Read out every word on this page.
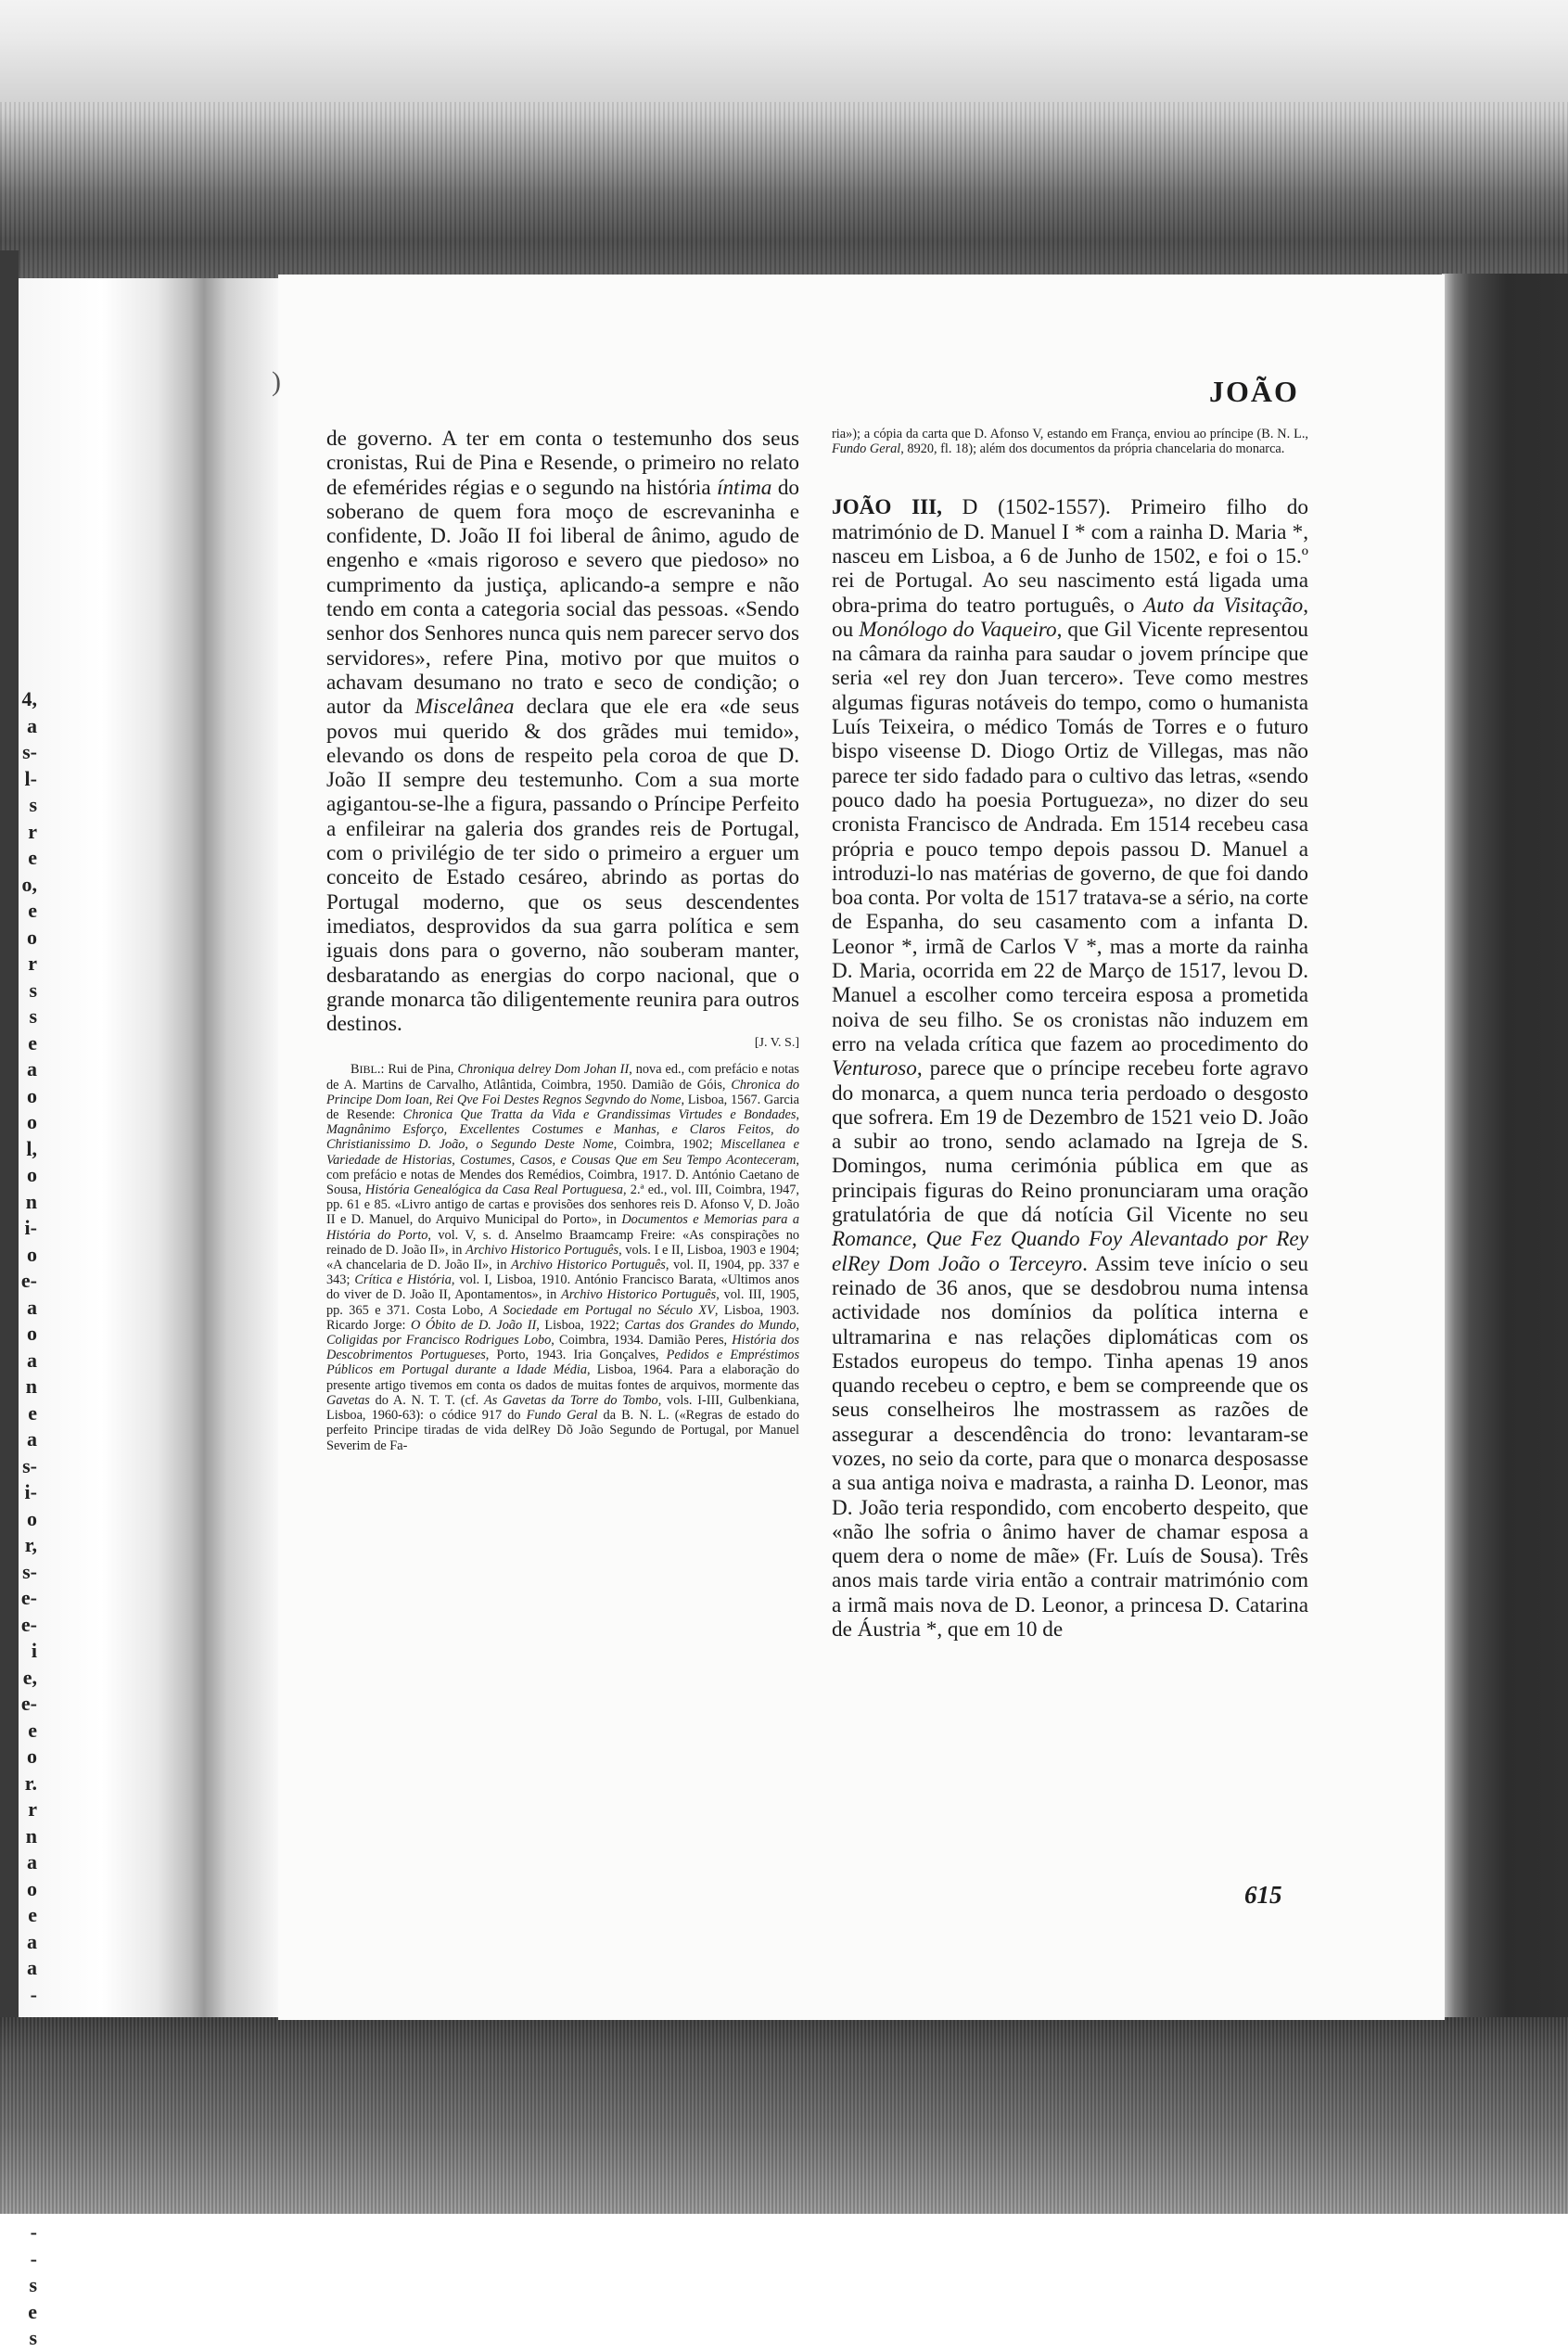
4,
a
s-
l-
s
r
e
o,
e
o
r
s
s
e
a
o
o
l,
o
n
i-
o
e-
a
o
a
n
e
a
s-
i-
o
r,
s-
e-
e-
i
e,
e-
e
o
r.
r
n
a
o
e
a
a
-

-
-
s
e
s
)	JOÃO

de governo. A ter em conta o testemunho dos seus cronistas, Rui de Pina e Resende, o primeiro no relato de efemérides régias e o segundo na história íntima do soberano de quem fora moço de escrevaninha e confidente, D. João II foi liberal de ânimo, agudo de engenho e «mais rigoroso e severo que piedoso» no cumprimento da justiça, aplicando-a sempre e não tendo em conta a categoria social das pessoas. «Sendo senhor dos Senhores nunca quis nem parecer servo dos servidores», refere Pina, motivo por que muitos o achavam desumano no trato e seco de condição; o autor da Miscelânea declara que ele era «de seus povos mui querido & dos grãdes mui temido», elevando os dons de respeito pela coroa de que D. João II sempre deu testemunho. Com a sua morte agigantou-se-lhe a figura, passando o Príncipe Perfeito a enfileirar na galeria dos grandes reis de Portugal, com o privilégio de ter sido o primeiro a erguer um conceito de Estado cesáreo, abrindo as portas do Portugal moderno, que os seus descendentes imediatos, desprovidos da sua garra política e sem iguais dons para o governo, não souberam manter, desbaratando as energias do corpo nacional, que o grande monarca tão diligentemente reunira para outros destinos.

[J. V. S.]

BIBL.: Rui de Pina, Chroniqua delrey Dom Johan II, nova ed., com prefácio e notas de A. Martins de Carvalho, Atlântida, Coimbra, 1950. Damião de Góis, Chronica do Principe Dom Ioan, Rei Qve Foi Destes Regnos Segvndo do Nome, Lisboa, 1567. Garcia de Resende: Chronica Que Tratta da Vida e Grandissimas Virtudes e Bondades, Magnânimo Esforço, Excellentes Costumes e Manhas, e Claros Feitos, do Christianissimo D. João, o Segundo Deste Nome, Coimbra, 1902; Miscellanea e Variedade de Historias, Costumes, Casos, e Cousas Que em Seu Tempo Aconteceram, com prefácio e notas de Mendes dos Remédios, Coimbra, 1917. D. António Caetano de Sousa, História Genealógica da Casa Real Portuguesa, 2.ª ed., vol. III, Coimbra, 1947, pp. 61 e 85. «Livro antigo de cartas e provisões dos senhores reis D. Afonso V, D. João II e D. Manuel, do Arquivo Municipal do Porto», in Documentos e Memorias para a História do Porto, vol. V, s. d. Anselmo Braamcamp Freire: «As conspirações no reinado de D. João II», in Archivo Historico Português, vols. I e II, Lisboa, 1903 e 1904; «A chancelaria de D. João II», in Archivo Historico Português, vol. II, 1904, pp. 337 e 343; Crítica e História, vol. I, Lisboa, 1910. António Francisco Barata, «Ultimos anos do viver de D. João II, Apontamentos», in Archivo Historico Português, vol. III, 1905, pp. 365 e 371. Costa Lobo, A Sociedade em Portugal no Século XV, Lisboa, 1903. Ricardo Jorge: O Óbito de D. João II, Lisboa, 1922; Cartas dos Grandes do Mundo, Coligidas por Francisco Rodrigues Lobo, Coimbra, 1934. Damião Peres, História dos Descobrimentos Portugueses, Porto, 1943. Iria Gonçalves, Pedidos e Empréstimos Públicos em Portugal durante a Idade Média, Lisboa, 1964. Para a elaboração do presente artigo tivemos em conta os dados de muitas fontes de arquivos, mormente das Gavetas do A. N. T. T. (cf. As Gavetas da Torre do Tombo, vols. I-III, Gulbenkiana, Lisboa, 1960-63): o códice 917 do Fundo Geral da B. N. L. («Regras de estado do perfeito Principe tiradas de vida delRey Dõ João Segundo de Portugal, por Manuel Severim de Fa-

ria»); a cópia da carta que D. Afonso V, estando em França, enviou ao príncipe (B. N. L., Fundo Geral, 8920, fl. 18); além dos documentos da própria chancelaria do monarca.

JOÃO III, D (1502-1557). Primeiro filho do matrimónio de D. Manuel I * com a rainha D. Maria *, nasceu em Lisboa, a 6 de Junho de 1502, e foi o 15.º rei de Portugal. Ao seu nascimento está ligada uma obra-prima do teatro português, o Auto da Visitação, ou Monólogo do Vaqueiro, que Gil Vicente representou na câmara da rainha para saudar o jovem príncipe que seria «el rey don Juan tercero». Teve como mestres algumas figuras notáveis do tempo, como o humanista Luís Teixeira, o médico Tomás de Torres e o futuro bispo viseense D. Diogo Ortiz de Villegas, mas não parece ter sido fadado para o cultivo das letras, «sendo pouco dado ha poesia Portugueza», no dizer do seu cronista Francisco de Andrada. Em 1514 recebeu casa própria e pouco tempo depois passou D. Manuel a introduzi-lo nas matérias de governo, de que foi dando boa conta. Por volta de 1517 tratava-se a sério, na corte de Espanha, do seu casamento com a infanta D. Leonor *, irmã de Carlos V *, mas a morte da rainha D. Maria, ocorrida em 22 de Março de 1517, levou D. Manuel a escolher como terceira esposa a prometida noiva de seu filho. Se os cronistas não induzem em erro na velada crítica que fazem ao procedimento do Venturoso, parece que o príncipe recebeu forte agravo do monarca, a quem nunca teria perdoado o desgosto que sofrera. Em 19 de Dezembro de 1521 veio D. João a subir ao trono, sendo aclamado na Igreja de S. Domingos, numa cerimónia pública em que as principais figuras do Reino pronunciaram uma oração gratulatória de que dá notícia Gil Vicente no seu Romance, Que Fez Quando Foy Alevantado por Rey elRey Dom João o Terceyro. Assim teve início o seu reinado de 36 anos, que se desdobrou numa intensa actividade nos domínios da política interna e ultramarina e nas relações diplomáticas com os Estados europeus do tempo. Tinha apenas 19 anos quando recebeu o ceptro, e bem se compreende que os seus conselheiros lhe mostrassem as razões de assegurar a descendência do trono: levantaram-se vozes, no seio da corte, para que o monarca desposasse a sua antiga noiva e madrasta, a rainha D. Leonor, mas D. João teria respondido, com encoberto despeito, que «não lhe sofria o ânimo haver de chamar esposa a quem dera o nome de mãe» (Fr. Luís de Sousa). Três anos mais tarde viria então a contrair matrimónio com a irmã mais nova de D. Leonor, a princesa D. Catarina de Áustria *, que em 10 de

615
